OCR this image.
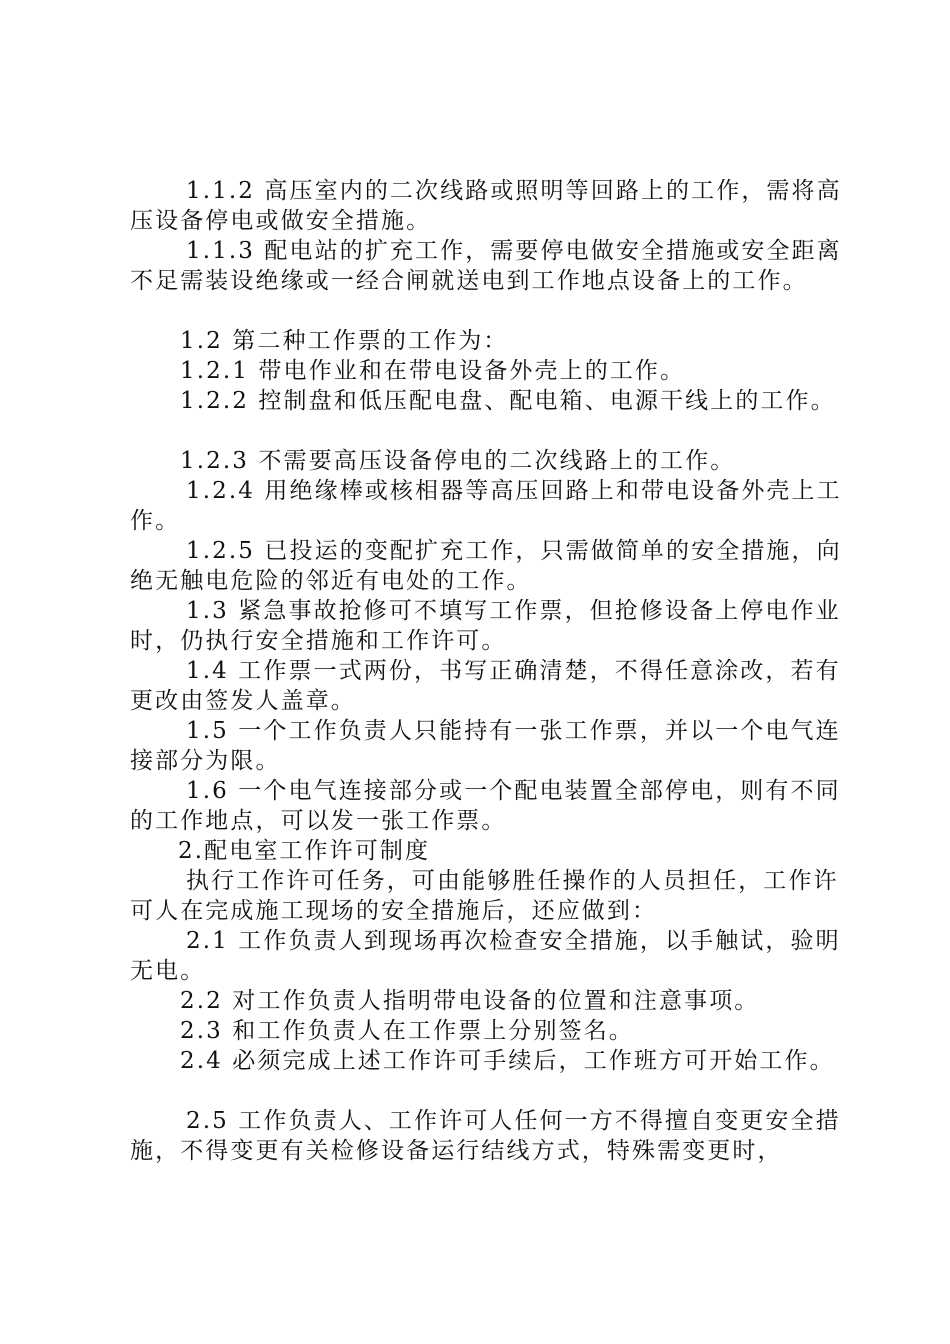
1.1.2 高压室内的二次线路或照明等回路上的工作，需将高压设备停电或做安全措施。

1.1.3 配电站的扩充工作，需要停电做安全措施或安全距离不足需装设绝缘或一经合闸就送电到工作地点设备上的工作。

1.2 第二种工作票的工作为：

1.2.1 带电作业和在带电设备外壳上的工作。

1.2.2 控制盘和低压配电盘、配电箱、电源干线上的工作。

1.2.3 不需要高压设备停电的二次线路上的工作。

1.2.4 用绝缘棒或核相器等高压回路上和带电设备外壳上工作。

1.2.5 已投运的变配扩充工作，只需做简单的安全措施，向绝无触电危险的邻近有电处的工作。

1.3 紧急事故抢修可不填写工作票，但抢修设备上停电作业时，仍执行安全措施和工作许可。

1.4 工作票一式两份，书写正确清楚，不得任意涂改，若有更改由签发人盖章。

1.5 一个工作负责人只能持有一张工作票，并以一个电气连接部分为限。

1.6 一个电气连接部分或一个配电装置全部停电，则有不同的工作地点，可以发一张工作票。

2.配电室工作许可制度

执行工作许可任务，可由能够胜任操作的人员担任，工作许可人在完成施工现场的安全措施后，还应做到：

2.1 工作负责人到现场再次检查安全措施，以手触试，验明无电。

2.2 对工作负责人指明带电设备的位置和注意事项。

2.3 和工作负责人在工作票上分别签名。

2.4 必须完成上述工作许可手续后，工作班方可开始工作。

2.5 工作负责人、工作许可人任何一方不得擅自变更安全措施，不得变更有关检修设备运行结线方式，特殊需变更时，
